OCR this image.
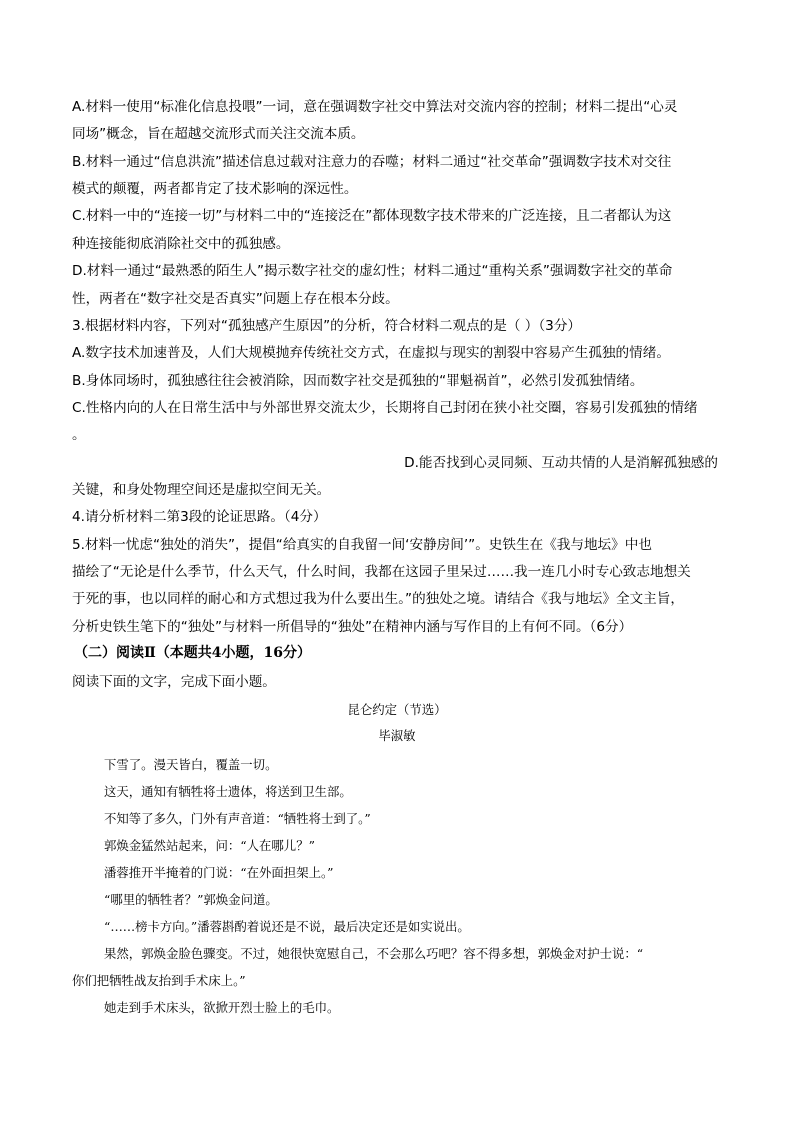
A.材料一使用“标准化信息投喂”一词，意在强调数字社交中算法对交流内容的控制；材料二提出“心灵
同场”概念，旨在超越交流形式而关注交流本质。
B.材料一通过“信息洪流”描述信息过载对注意力的吞噬；材料二通过“社交革命”强调数字技术对交往
模式的颠覆，两者都肯定了技术影响的深远性。
C.材料一中的“连接一切”与材料二中的“连接泛在”都体现数字技术带来的广泛连接，且二者都认为这
种连接能彻底消除社交中的孤独感。
D.材料一通过“最熟悉的陌生人”揭示数字社交的虚幻性；材料二通过“重构关系”强调数字社交的革命
性，两者在“数字社交是否真实”问题上存在根本分歧。
3.根据材料内容，下列对“孤独感产生原因”的分析，符合材料二观点的是（ ）（3分）
A.数字技术加速普及，人们大规模抛弃传统社交方式，在虚拟与现实的割裂中容易产生孤独的情绪。
B.身体同场时，孤独感往往会被消除，因而数字社交是孤独的“罪魁祸首”，必然引发孤独情绪。
C.性格内向的人在日常生活中与外部世界交流太少，长期将自己封闭在狭小社交圈，容易引发孤独的情绪
。
D.能否找到心灵同频、互动共情的人是消解孤独感的
关键，和身处物理空间还是虚拟空间无关。
4.请分析材料二第3段的论证思路。（4分）
5.材料一忧虑“独处的消失”，提倡“给真实的自我留一间‘安静房间’”。史铁生在《我与地坛》中也
描绘了“无论是什么季节，什么天气，什么时间，我都在这园子里呆过……我一连几小时专心致志地想关
于死的事，也以同样的耐心和方式想过我为什么要出生。”的独处之境。请结合《我与地坛》全文主旨，
分析史铁生笔下的“独处”与材料一所倡导的“独处”在精神内涵与写作目的上有何不同。（6分）
（二）阅读Ⅱ（本题共4小题，16分）
阅读下面的文字，完成下面小题。
昆仑约定（节选）
毕淑敏
下雪了。漫天皆白，覆盖一切。
这天，通知有牺牲将士遗体，将送到卫生部。
不知等了多久，门外有声音道：“牺牲将士到了。”
郭焕金猛然站起来，问：“人在哪儿？”
潘蓉推开半掩着的门说：“在外面担架上。”
“哪里的牺牲者？”郭焕金问道。
“……榜卡方向。”潘蓉斟酌着说还是不说，最后决定还是如实说出。
果然，郭焕金脸色骤变。不过，她很快宽慰自己，不会那么巧吧？容不得多想，郭焕金对护士说：“
你们把牺牲战友抬到手术床上。”
她走到手术床头，欲掀开烈士脸上的毛巾。
